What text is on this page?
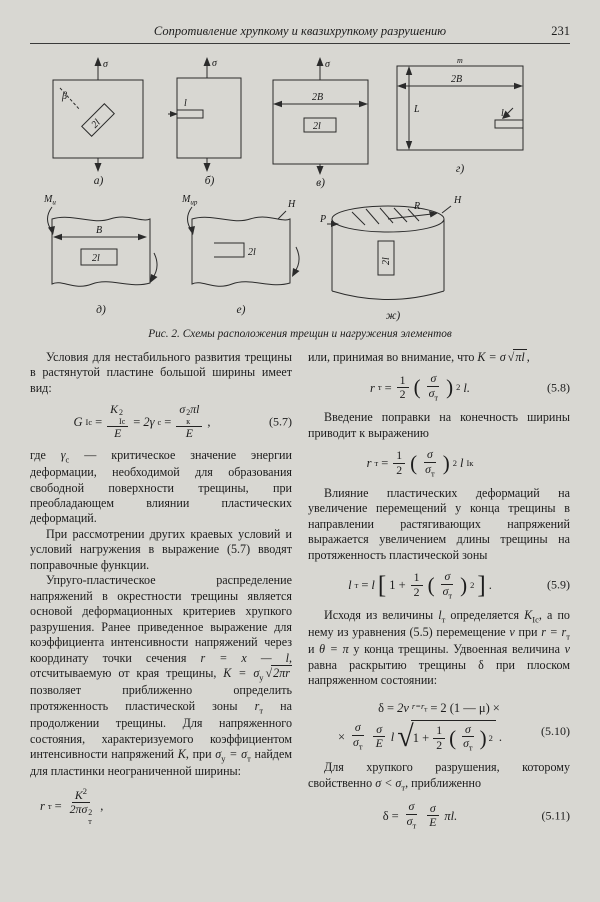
Сопротивление хрупкому и квазихрупкому разрушению	231
σ
β
2l
а)
σ
l
б)
σ
2В
2l
в)
т
2В
L	l
г)
$M_и$
В
2l
д)
$M_{ир}$	Н
2l
е)
R
Н
Р
2l
ж)
Рис. 2. Схемы расположения трещин и нагружения элементов

Условия для нестабильного развития трещины в растянутой пластине большой ширины имеет вид:

G Iс = K 2
Iс
E = 2γ с = σ 2
к
πl
E ,	(5.7)

где $\gamma_с$ — критическое значение энергии деформации, необходимой для образования свободной поверхности трещины, при преобладающем влиянии пластических деформаций.

При рассмотрении других краевых условий и условий нагружения в выражение (5.7) вводят поправочные функции.

Упруго-пластическое распределение напряжений в окрестности трещины является основой деформационных критериев хрупкого разрушения. Ранее приведенное выражение для коэффициента интенсивности напряжений через координату точки сечения r = x — l, отсчитываемую от края трещины, $K = \sigma_у$ √2πr позволяет приближенно определить протяженность пластической зоны $r_т$ на продолжении трещины. Для напряженного состояния, характеризуемого коэффициентом интенсивности напряжений K, при $\sigma_у = \sigma_т$ найдем для пластинки неограниченной ширины:

r $т = K^2$
2πσ 2
т ,

или, принимая во внимание, что K = σ √πl ,

r $т = \frac{1}{2}$ ( $\frac{\sigma}{\sigma_т}$ ) 2 l.	(5.8)

Введение поправки на конечность ширины приводит к выражению

r $т = \frac{1}{2}$ ( $\frac{\sigma}{\sigma_т}$ ) 2 l Iк

Влияние пластических деформаций на увеличение перемещений у конца трещины в направлении растягивающих напряжений выражается увеличением длины трещины на протяженность пластической зоны

l т = l [ $1 + \frac{1}{2}$ ( $\frac{\sigma}{\sigma_т}$ ) 2 ] .	(5.9)

Исходя из величины $l_т$ определяется $K_{Iс}$, а по нему из уравнения (5.5) перемещение v при $r = r_т$ и θ = π у конца трещины. Удвоенная величина v равна раскрытию трещины δ при плоском напряженном состоянии:

δ = 2v $r=r_т = 2$ (1 — μ) ×
× $\frac{\sigma}{\sigma_т} \frac{\sigma}{E}$ l √ $1 + \frac{1}{2}$ ( $\frac{\sigma}{\sigma_т}$ ) 2 .	(5.10)

Для хрупкого разрушения, которому свойственно $\sigma < \sigma_т$, приближенно

$\delta = \frac{\sigma}{\sigma_т} \frac{\sigma}{E} \pi l$.	(5.11)
